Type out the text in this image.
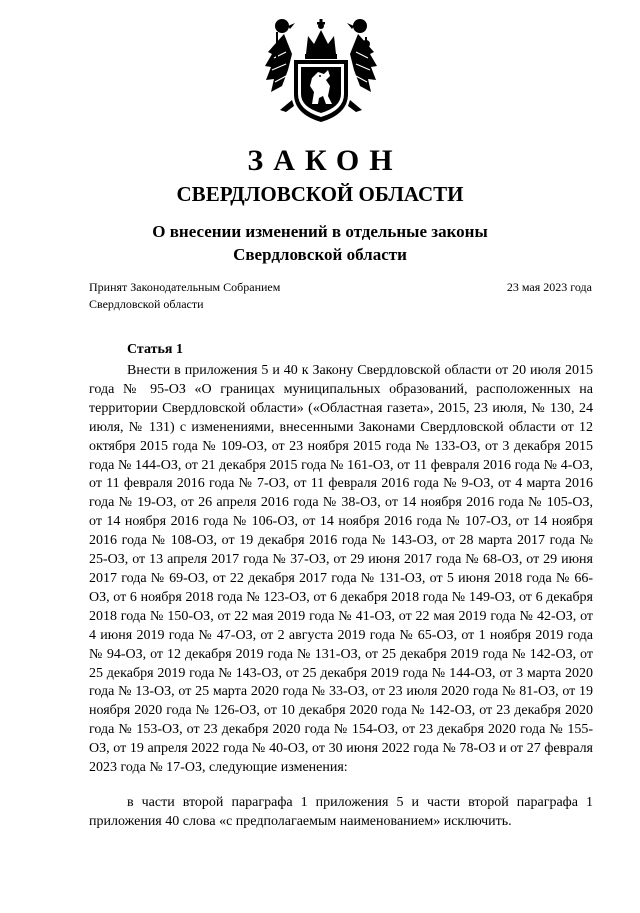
ЗАКОН
СВЕРДЛОВСКОЙ ОБЛАСТИ
О внесении изменений в отдельные законы
Свердловской области
Принят Законодательным Собранием
Свердловской области
23 мая 2023 года
Статья 1

Внести в приложения 5 и 40 к Закону Свердловской области от 20 июля 2015 года № 95-ОЗ «О границах муниципальных образований, расположенных на территории Свердловской области» («Областная газета», 2015, 23 июля, № 130, 24 июля, № 131) с изменениями, внесенными Законами Свердловской области от 12 октября 2015 года № 109-ОЗ, от 23 ноября 2015 года № 133-ОЗ, от 3 декабря 2015 года № 144-ОЗ, от 21 декабря 2015 года № 161-ОЗ, от 11 февраля 2016 года № 4-ОЗ, от 11 февраля 2016 года № 7-ОЗ, от 11 февраля 2016 года № 9-ОЗ, от 4 марта 2016 года № 19-ОЗ, от 26 апреля 2016 года № 38-ОЗ, от 14 ноября 2016 года № 105-ОЗ, от 14 ноября 2016 года № 106-ОЗ, от 14 ноября 2016 года № 107-ОЗ, от 14 ноября 2016 года № 108-ОЗ, от 19 декабря 2016 года № 143-ОЗ, от 28 марта 2017 года № 25-ОЗ, от 13 апреля 2017 года № 37-ОЗ, от 29 июня 2017 года № 68-ОЗ, от 29 июня 2017 года № 69-ОЗ, от 22 декабря 2017 года № 131-ОЗ, от 5 июня 2018 года № 66-ОЗ, от 6 ноября 2018 года № 123-ОЗ, от 6 декабря 2018 года № 149-ОЗ, от 6 декабря 2018 года № 150-ОЗ, от 22 мая 2019 года № 41-ОЗ, от 22 мая 2019 года № 42-ОЗ, от 4 июня 2019 года № 47-ОЗ, от 2 августа 2019 года № 65-ОЗ, от 1 ноября 2019 года № 94-ОЗ, от 12 декабря 2019 года № 131-ОЗ, от 25 декабря 2019 года № 142-ОЗ, от 25 декабря 2019 года № 143-ОЗ, от 25 декабря 2019 года № 144-ОЗ, от 3 марта 2020 года № 13-ОЗ, от 25 марта 2020 года № 33-ОЗ, от 23 июля 2020 года № 81-ОЗ, от 19 ноября 2020 года № 126-ОЗ, от 10 декабря 2020 года № 142-ОЗ, от 23 декабря 2020 года № 153-ОЗ, от 23 декабря 2020 года № 154-ОЗ, от 23 декабря 2020 года № 155-ОЗ, от 19 апреля 2022 года № 40-ОЗ, от 30 июня 2022 года № 78-ОЗ и от 27 февраля 2023 года № 17-ОЗ, следующие изменения:

в части второй параграфа 1 приложения 5 и части второй параграфа 1 приложения 40 слова «с предполагаемым наименованием» исключить.
